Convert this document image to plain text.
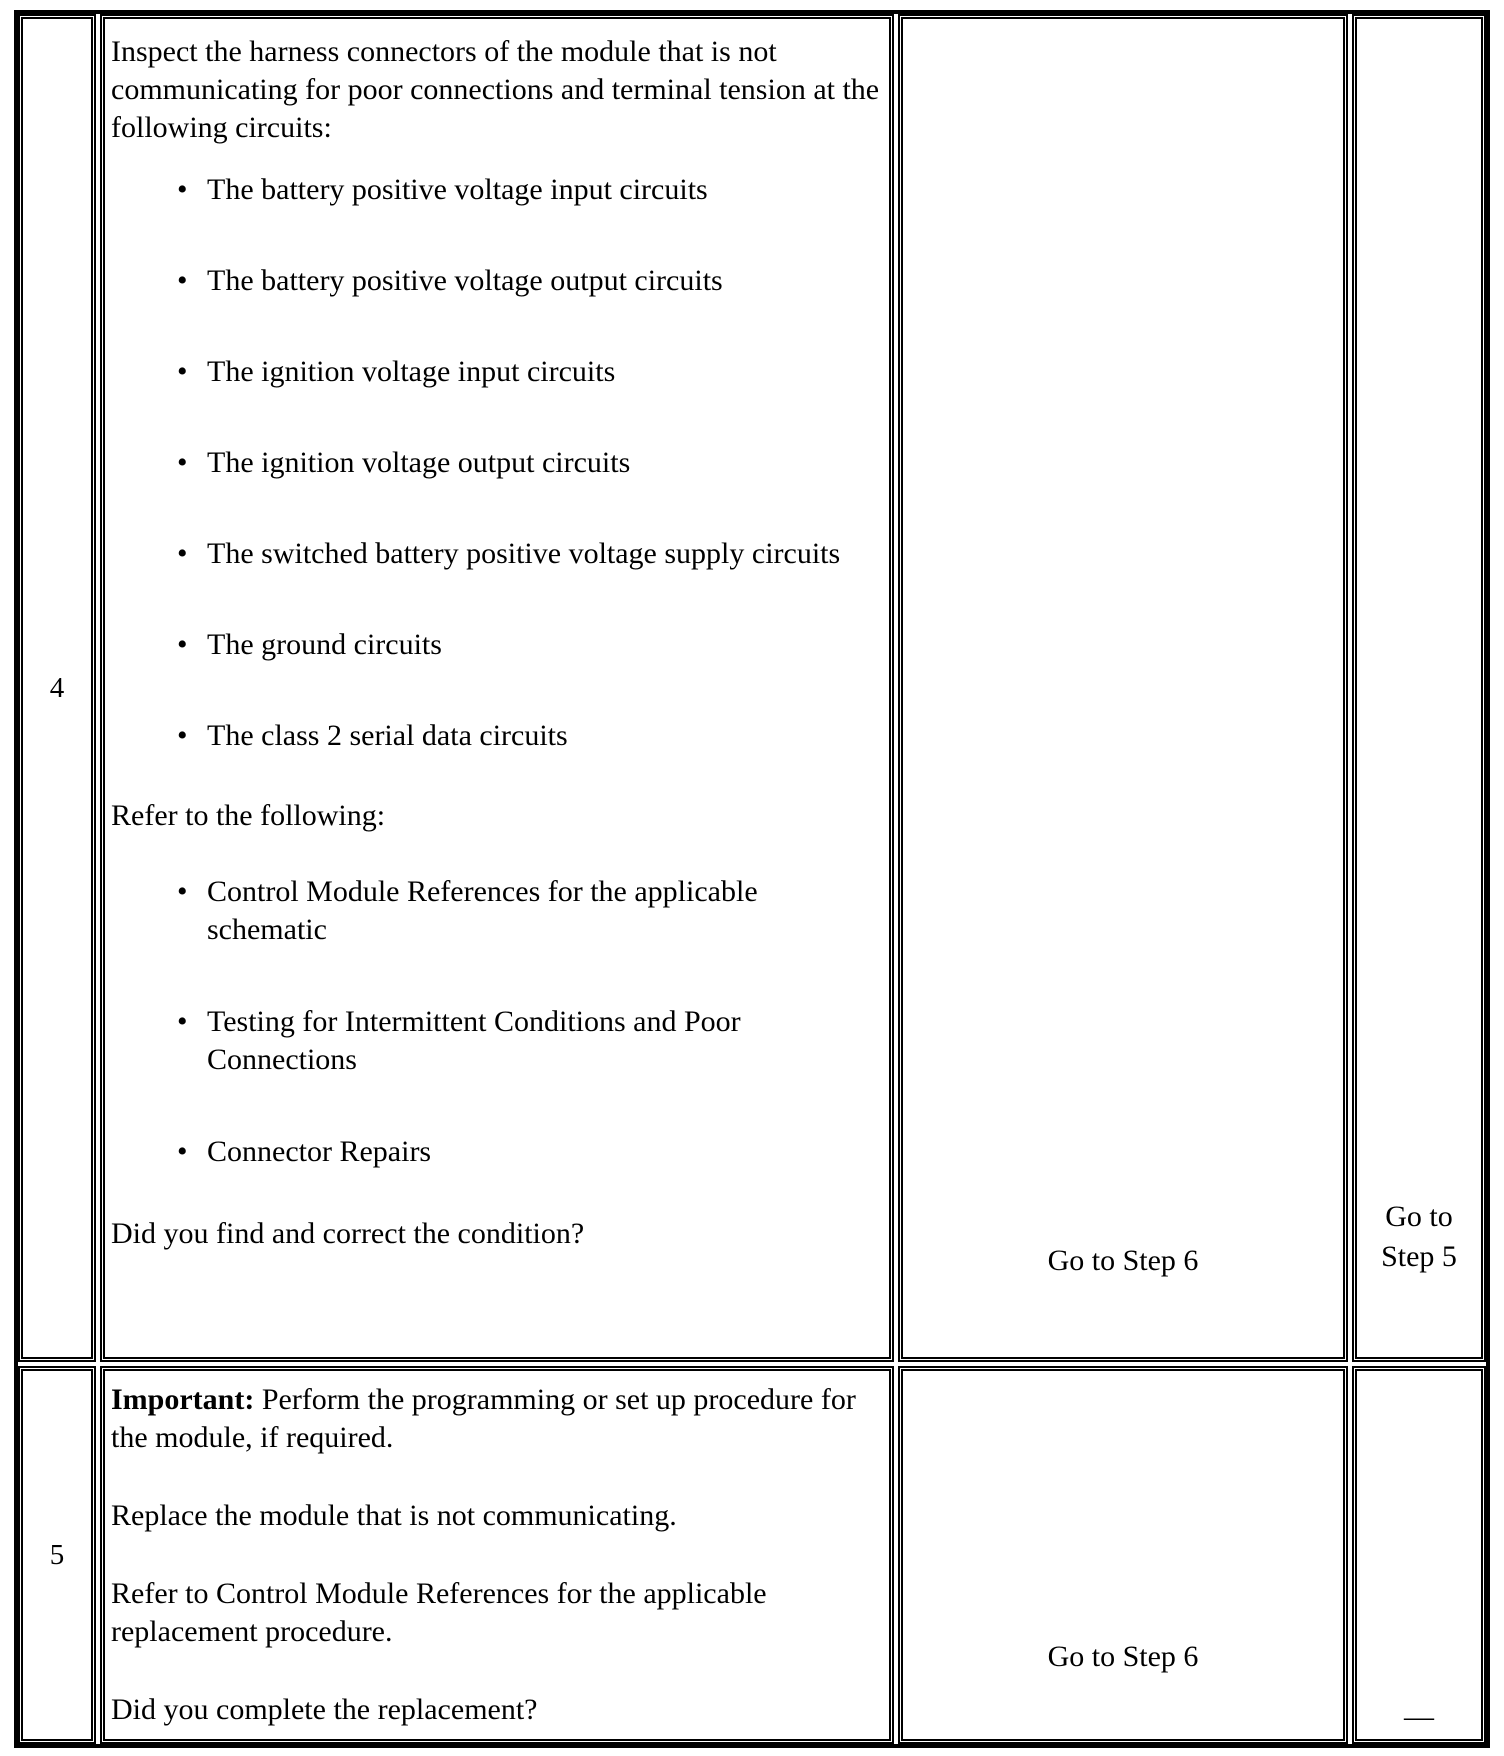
4

Inspect the harness connectors of the module that is not communicating for poor connections and terminal tension at the following circuits:

• The battery positive voltage input circuits
• The battery positive voltage output circuits
• The ignition voltage input circuits
• The ignition voltage output circuits
• The switched battery positive voltage supply circuits
• The ground circuits
• The class 2 serial data circuits

Refer to the following:

• Control Module References for the applicable schematic
• Testing for Intermittent Conditions and Poor Connections
• Connector Repairs

Did you find and correct the condition?

Go to Step 6
Go to Step 5
5

Important: Perform the programming or set up procedure for the module, if required.

Replace the module that is not communicating.

Refer to Control Module References for the applicable replacement procedure.

Did you complete the replacement?

Go to Step 6
—
